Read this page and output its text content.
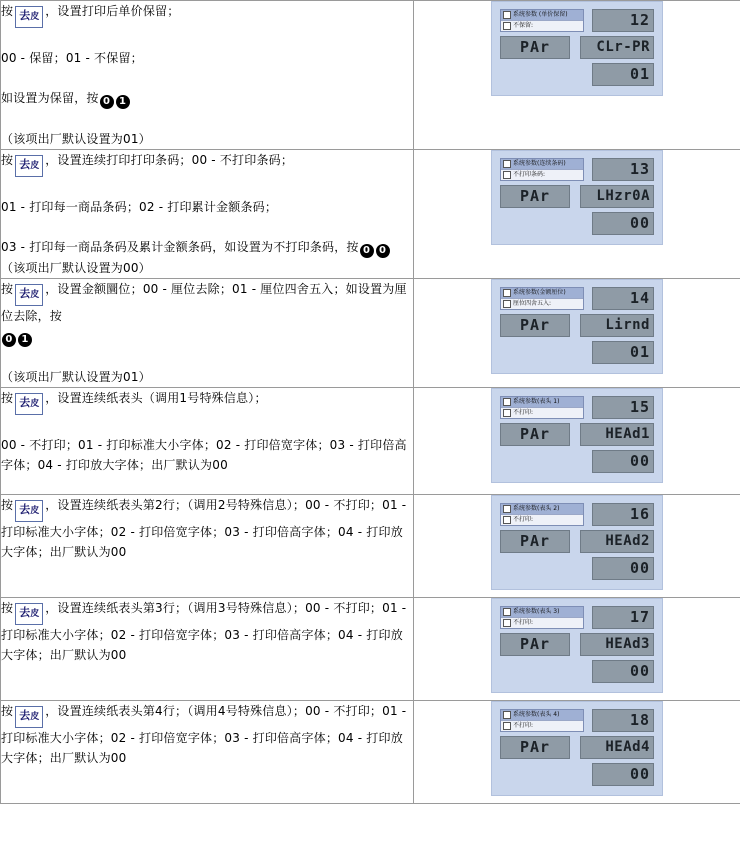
按 去皮 ，设置打印后单价保留；

00 - 保留；01 - 不保留；

如设置为保留，按 0 1

（该项出厂默认设置为01）

系统参数 (单价保留)
不保留:	12
PAr	CLr-PR
01

按 去皮 ，设置连续打印打印条码；00 - 不打印条码；

01 - 打印每一商品条码；02 - 打印累计金额条码；

03 - 打印每一商品条码及累计金额条码，如设置为不打印条码，按 0 0（该项出厂默认设置为00）

系统参数(连续条码)
不打印条码:	13
PAr	LHzr0A
00

按 去皮 ，设置金额圜位；00 - 厘位去除；01 - 厘位四舍五入；如设置为厘位去除，按
0 1

（该项出厂默认设置为01）

系统参数(金额厘位)
厘位四舍五入:	14
PAr	Lirnd
01

按 去皮 ，设置连续纸表头（调用1号特殊信息）；

00 - 不打印；01 - 打印标准大小字体；02 - 打印倍宽字体；03 - 打印倍高字体；04 - 打印放大字体；出厂默认为00

系统参数(表头 1)
不打印:	15
PAr	HEAd1
00

按 去皮 ，设置连续纸表头第2行；（调用2号特殊信息）；00 - 不打印；01 - 打印标准大小字体；02 - 打印倍宽字体；03 - 打印倍高字体；04 - 打印放大字体；出厂默认为00

系统参数(表头 2)
不打印:	16
PAr	HEAd2
00

按 去皮 ，设置连续纸表头第3行；（调用3号特殊信息）；00 - 不打印；01 - 打印标准大小字体；02 - 打印倍宽字体；03 - 打印倍高字体；04 - 打印放大字体；出厂默认为00

系统参数(表头 3)
不打印:	17
PAr	HEAd3
00

按 去皮 ，设置连续纸表头第4行；（调用4号特殊信息）；00 - 不打印；01 - 打印标准大小字体；02 - 打印倍宽字体；03 - 打印倍高字体；04 - 打印放大字体；出厂默认为00

系统参数(表头 4)
不打印:	18
PAr	HEAd4
00
